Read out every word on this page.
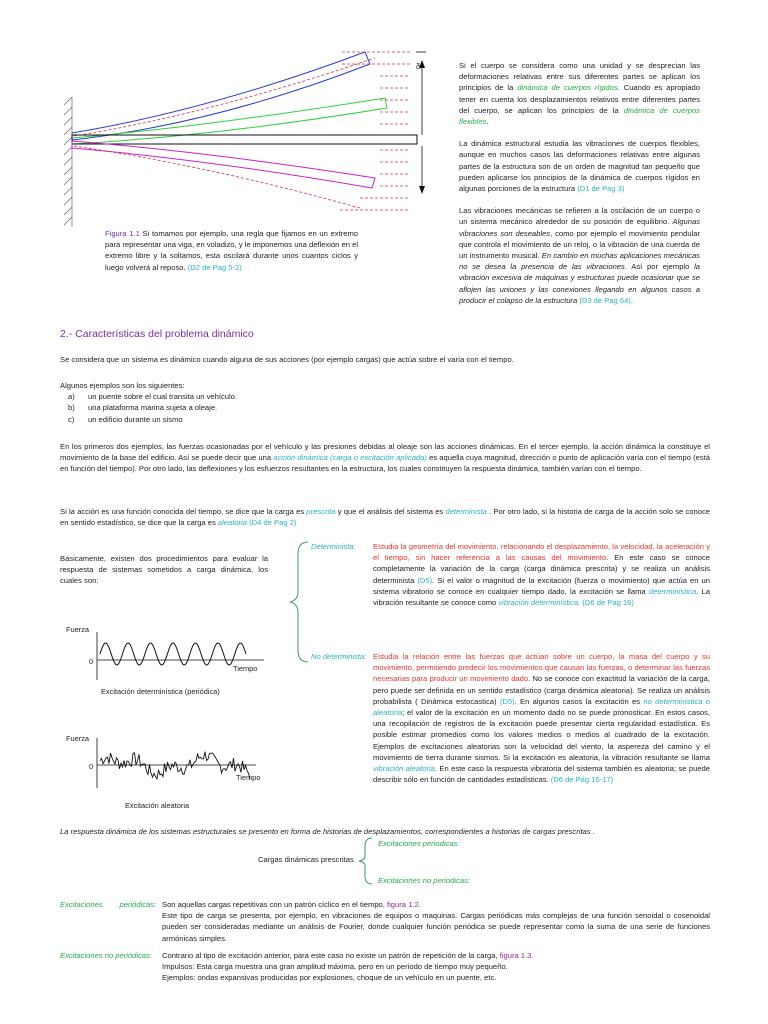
δ
Figura 1.1 Si tomamos por ejemplo, una regla que fijamos en un extremo para representar una viga, en voladizo, y le imponemos una deflexión en el extremo libre y la soltamos, esta oscilará durante unos cuantos ciclos y luego volverá al reposo. (D2 de Pag 5-2)

Si el cuerpo se considera como una unidad y se desprecian las deformaciones relativas entre sus diferentes partes se aplican los principios de la dinámica de cuerpos rígidos. Cuando es apropiado tener en cuenta los desplazamientos relativos entre diferentes partes del cuerpo, se aplican los principios de la dinámica de cuerpos flexibles.

La dinámica estructural estudia las vibraciones de cuerpos flexibles, aunque en muchos casos las deformaciones relativas entre algunas partes de la estructura son de un orden de magnitud tan pequeño que pueden aplicarse los principios de la dinámica de cuerpos rígidos en algunas porciones de la estructura (D1 de Pag 3)

Las vibraciones mecánicas se refieren a la oscilación de un cuerpo o un sistema mecánico alrededor de su posición de equilibrio. Algunas vibraciones son deseables, como por ejemplo el movimiento pendular que controla el movimiento de un reloj, o la vibración de una cuerda de un instrumento musical. En cambio en muchas aplicaciones mecánicas no se desea la presencia de las vibraciones. Así por ejemplo la vibración excesiva de máquinas y estructuras puede ocasionar que se aflojen las uniones y las conexiones llegando en algunos casos a producir el colapso de la estructura (D3 de Pag 64).

2.- Características del problema dinámico
Se considera que un sistema es dinámico cuando alguna de sus acciones (por ejemplo cargas) que actúa sobre el varía con el tiempo.

Algunos ejemplos son los siguientes:

a)	un puente sobre el cual transita un vehículo.
b)	una plataforma marina sujeta a oleaje.
c)	un edificio durante un sismo
En los primeros dos ejemplos, las fuerzas ocasionadas por el vehículo y las presiones debidas al oleaje son las acciones dinámicas. En el tercer ejemplo, la acción dinámica la constituye el movimiento de la base del edificio. Así se puede decir que una acción dinámica (carga o excitación aplicada) es aquella cuya magnitud, dirección o punto de aplicación varía con el tiempo (está en función del tiempo). Por otro lado, las deflexiones y los esfuerzos resultantes en la estructura, los cuales constituyen la respuesta dinámica, también varían con el tiempo.
Si la acción es una función conocida del tiempo, se dice que la carga es prescrita y que el análisis del sistema es determinista . Por otro lado, si la historia de carga de la acción solo se conoce en sentido estadístico, se dice que la carga es aleatoria (D4 de Pag 2)
Básicamente, existen dos procedimientos para evaluar la respuesta de sistemas sometidos a carga dinámica, los cuales son:
Determinista: Estudia la geometría del movimiento, relacionando el desplazamiento, la velocidad, la aceleración y el tiempo, sin hacer referencia a las causas del movimiento. En este caso se conoce completamente la variación de la carga (carga dinámica prescrita) y se realiza un análisis determinista (D5). Si el valor o magnitud de la excitación (fuerza o movimiento) que actúa en un sistema vibratorio se conoce en cualquier tiempo dado, la excitación se llama determinística. La vibración resultante se conoce como vibración determinística. (D6 de Pag 16)
No determinista: Estudia la relación entre las fuerzas que actúan sobre un cuerpo, la masa del cuerpo y su movimiento, permitiendo predecir los movimientos que causan las fuerzas, o determinar las fuerzas necesarias para producir un movimiento dado. No se conoce con exactitud la variación de la carga, pero puede ser definida en un sentido estadístico (carga dinámica aleatoria). Se realiza un análisis probabilista ( Dinámica estocastica) (D5). En algunos casos la excitación es no determinística o aleatoria; el valor de la excitación en un momento dado no se puede pronosticar. En estos casos, una recopilación de registros de la excitación puede presentar cierta regularidad estadística. Es posible estimar promedios como los valores medios o medios al cuadrado de la excitación. Ejemplos de excitaciones aleatorias son la velocidad del viento, la aspereza del camino y el movimiento de tierra durante sismos. Si la excitación es aleatoria, la vibración resultante se llama vibración aleatoria. En este caso la respuesta vibratoria del sistema también es aleatoria; se puede describir sólo en función de cantidades estadísticas. (D6 de Pág 16-17)
Fuerza
0
Tiempo
Excitación determinística (periódica)
Fuerza
0
Tiempo
Excitación aleatoria
La respuesta dinámica de los sistemas estructurales se presento en forma de historias de desplazamientos, correspondientes a historias de cargas prescritas .
Cargas dinámicas prescritas
Excitaciones periodicas:
Excitaciones no periodicas:
Excitaciones        periódicas: Son aquellas cargas repetitivas con un patrón cíclico en el tiempo, figura 1.2.

Este tipo de carga se presenta, por ejemplo, en vibraciones de equipos o maquinas. Cargas periódicas más complejas de una función senoidal o cosenoidal pueden ser consideradas mediante un análisis de Fourier, donde cualquier función periódica se puede representar como la suma de una serie de funciones armónicas simples.

Excitaciones no periódicas: Contrario al tipo de excitación anterior, para este caso no existe un patrón de repetición de la carga, figura 1.3.

Impulsos: Esta carga muestra una gran amplitud máxima, pero en un periodo de tiempo muy pequeño.

Ejemplos: ondas expansivas producidas por explosiones, choque de un vehículo en un puente, etc.
